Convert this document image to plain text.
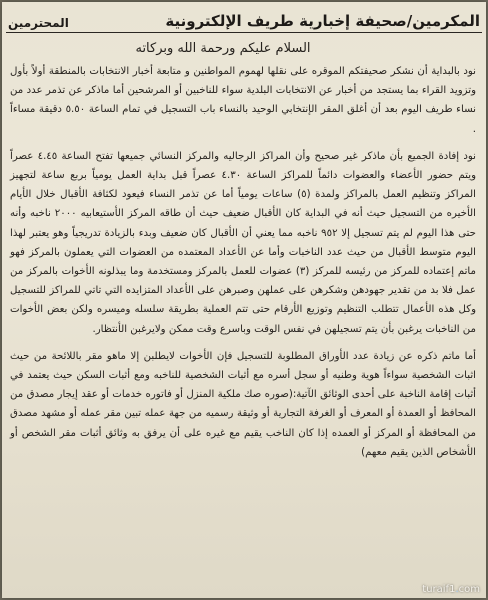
المكرمين/صحيفة إخبارية طريف الإلكترونية
المحترمين
السلام عليكم ورحمة الله وبركاته

نود بالبداية أن نشكر صحيفتكم الموقره على نقلها لهموم المواطنين و متابعة أخبار الانتخابات بالمنطقة أولاً بأول وتزويد القراء بما يستجد من أخبار عن الانتخابات البلدية سواء للناخبين أو المرشحين أما ماذكر عن تذمر عدد من نساء طريف اليوم بعد أن أغلق المقر الإنتخابي الوحيد بالنساء باب التسجيل في تمام الساعة ٥.٥٠ دقيقة مساءاً .

نود إفادة الجميع بأن ماذكر غير صحيح وأن المراكز الرجاليه والمركز النسائي جميعها تفتح الساعة ٤.٤٥ عصراً ويتم حضور الأعضاء والعضوات دائماً للمراكز الساعة ٤.٣٠ عصراً قبل بداية العمل يومياً بربع ساعة لتجهيز المراكز وتنظيم العمل بالمراكز ولمدة (٥) ساعات يومياً أما عن تذمر النساء فيعود لكثافة الأقبال خلال الأيام الأخيره من التسجيل حيث أنه في البداية كان الأقبال ضعيف حيث أن طاقه المركز الأستيعابيه ٢٠٠٠ ناخبه وأنه حتى هذا اليوم لم يتم تسجيل إلا ٩٥٢ ناخبه مما يعني أن الأقبال كان ضعيف وبدء بالزيادة تدريجياً وهو يعتبر لهذا اليوم متوسط الأقبال من حيث عدد الناخبات وأما عن الأعداد المعتمده من العضوات التي يعملون بالمركز فهو ماتم إعتماده للمركز من رئيسه للمركز (٣) عضوات للعمل بالمركز ومستخدمة وما يبذلونه الأخوات بالمركز من عمل فلا بد من تقدير جهودهن وشكرهن على عملهن وصبرهن على الأعداد المتزايده التي تاتي للمراكز للتسجيل وكل هذه الأعمال تتطلب التنظيم وتوزيع الأرقام حتى تتم العملية بطريقة سلسله وميسره ولكن بعض الأخوات من الناخبات يرغبن بأن يتم تسجيلهن في نفس الوقت وباسرع وقت ممكن ولايرغبن الأنتظار.

أما ماتم ذكره عن زيادة عدد الأوراق المطلوبة للتسجيل فإن الأخوات لايطلبن إلا ماهو مقر باللائحة من حيث اثبات الشخصية سواءاً هوية وطنيه أو سجل أسره مع أثبات الشخصية للناخبه ومع أثبات السكن حيث يعتمد في أثبات إقامة الناخبة على أحدى الوثائق الآتية:(صوره صك ملكية المنزل أو فاتوره خدمات أو عقد إيجار مصدق من المحافظ أو العمدة أو المعرف أو الغرفة التجارية أو وثيقة رسميه من جهة عمله تبين مقر عمله أو مشهد مصدق من المحافظة أو المركز أو العمده إذا كان الناخب يقيم مع غيره على أن يرفق به وثائق أثبات مقر الشخص أو الأشخاص الذين يقيم معهم)

turaif1.com
